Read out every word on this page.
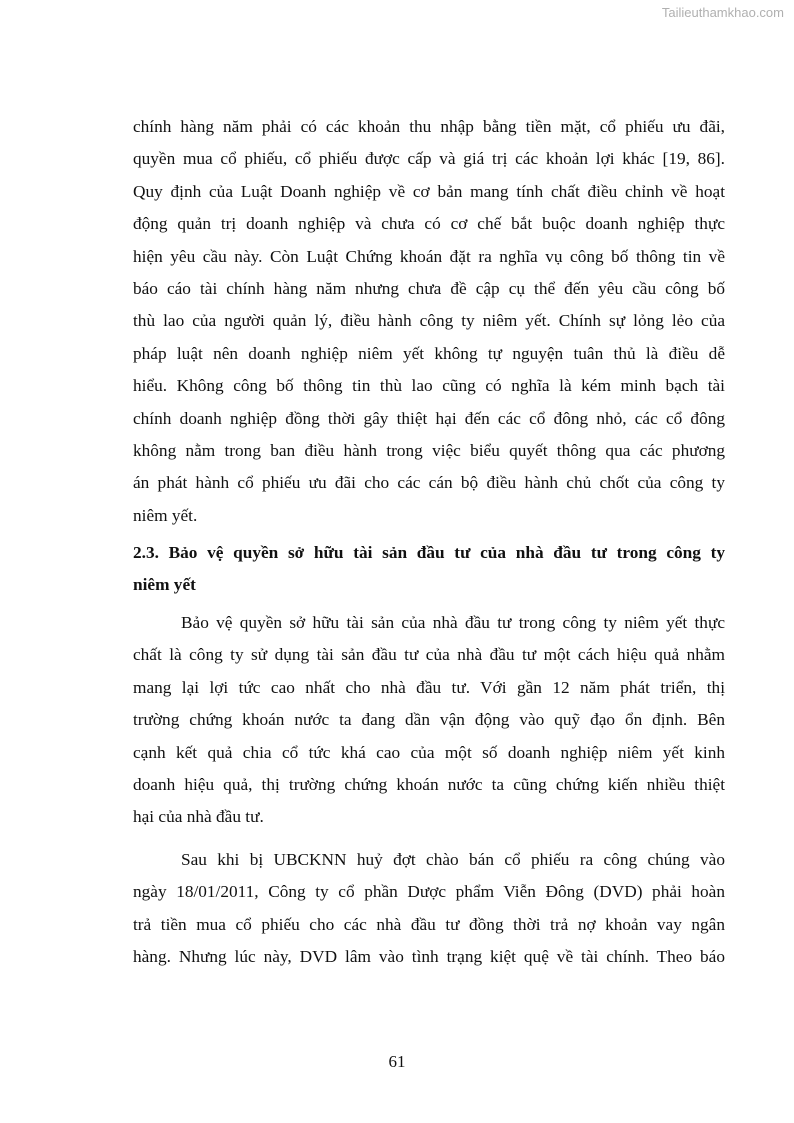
Tailieuthamkhao.com
chính hàng năm phải có các khoản thu nhập bằng tiền mặt, cổ phiếu ưu đãi,
quyền mua cổ phiếu, cổ phiếu được cấp và giá trị các khoản lợi khác [19, 86].
Quy định của Luật Doanh nghiệp về cơ bản mang tính chất điều chỉnh về hoạt
động quản trị doanh nghiệp và chưa có cơ chế bắt buộc doanh nghiệp thực
hiện yêu cầu này. Còn Luật Chứng khoán đặt ra nghĩa vụ công bố thông tin về
báo cáo tài chính hàng năm nhưng chưa đề cập cụ thể đến yêu cầu công bố
thù lao của người quản lý, điều hành công ty niêm yết. Chính sự lỏng lẻo của
pháp luật nên doanh nghiệp niêm yết không tự nguyện tuân thủ là điều dễ
hiểu. Không công bố thông tin thù lao cũng có nghĩa là kém minh bạch tài
chính doanh nghiệp đồng thời gây thiệt hại đến các cổ đông nhỏ, các cổ đông
không nằm trong ban điều hành trong việc biểu quyết thông qua các phương
án phát hành cổ phiếu ưu đãi cho các cán bộ điều hành chủ chốt của công ty
niêm yết.
2.3. Bảo vệ quyền sở hữu tài sản đầu tư của nhà đầu tư trong công ty
niêm yết
Bảo vệ quyền sở hữu tài sản của nhà đầu tư trong công ty niêm yết thực
chất là công ty sử dụng tài sản đầu tư của nhà đầu tư một cách hiệu quả nhằm
mang lại lợi tức cao nhất cho nhà đầu tư. Với gần 12 năm phát triển, thị
trường chứng khoán nước ta đang dần vận động vào quỹ đạo ổn định. Bên
cạnh kết quả chia cổ tức khá cao của một số doanh nghiệp niêm yết kinh
doanh hiệu quả, thị trường chứng khoán nước ta cũng chứng kiến nhiều thiệt
hại của nhà đầu tư.
Sau khi bị UBCKNN huỷ đợt chào bán cổ phiếu ra công chúng vào
ngày 18/01/2011, Công ty cổ phần Dược phẩm Viễn Đông (DVD) phải hoàn
trả tiền mua cổ phiếu cho các nhà đầu tư đồng thời trả nợ khoản vay ngân
hàng. Nhưng lúc này, DVD lâm vào tình trạng kiệt quệ về tài chính. Theo báo
61
